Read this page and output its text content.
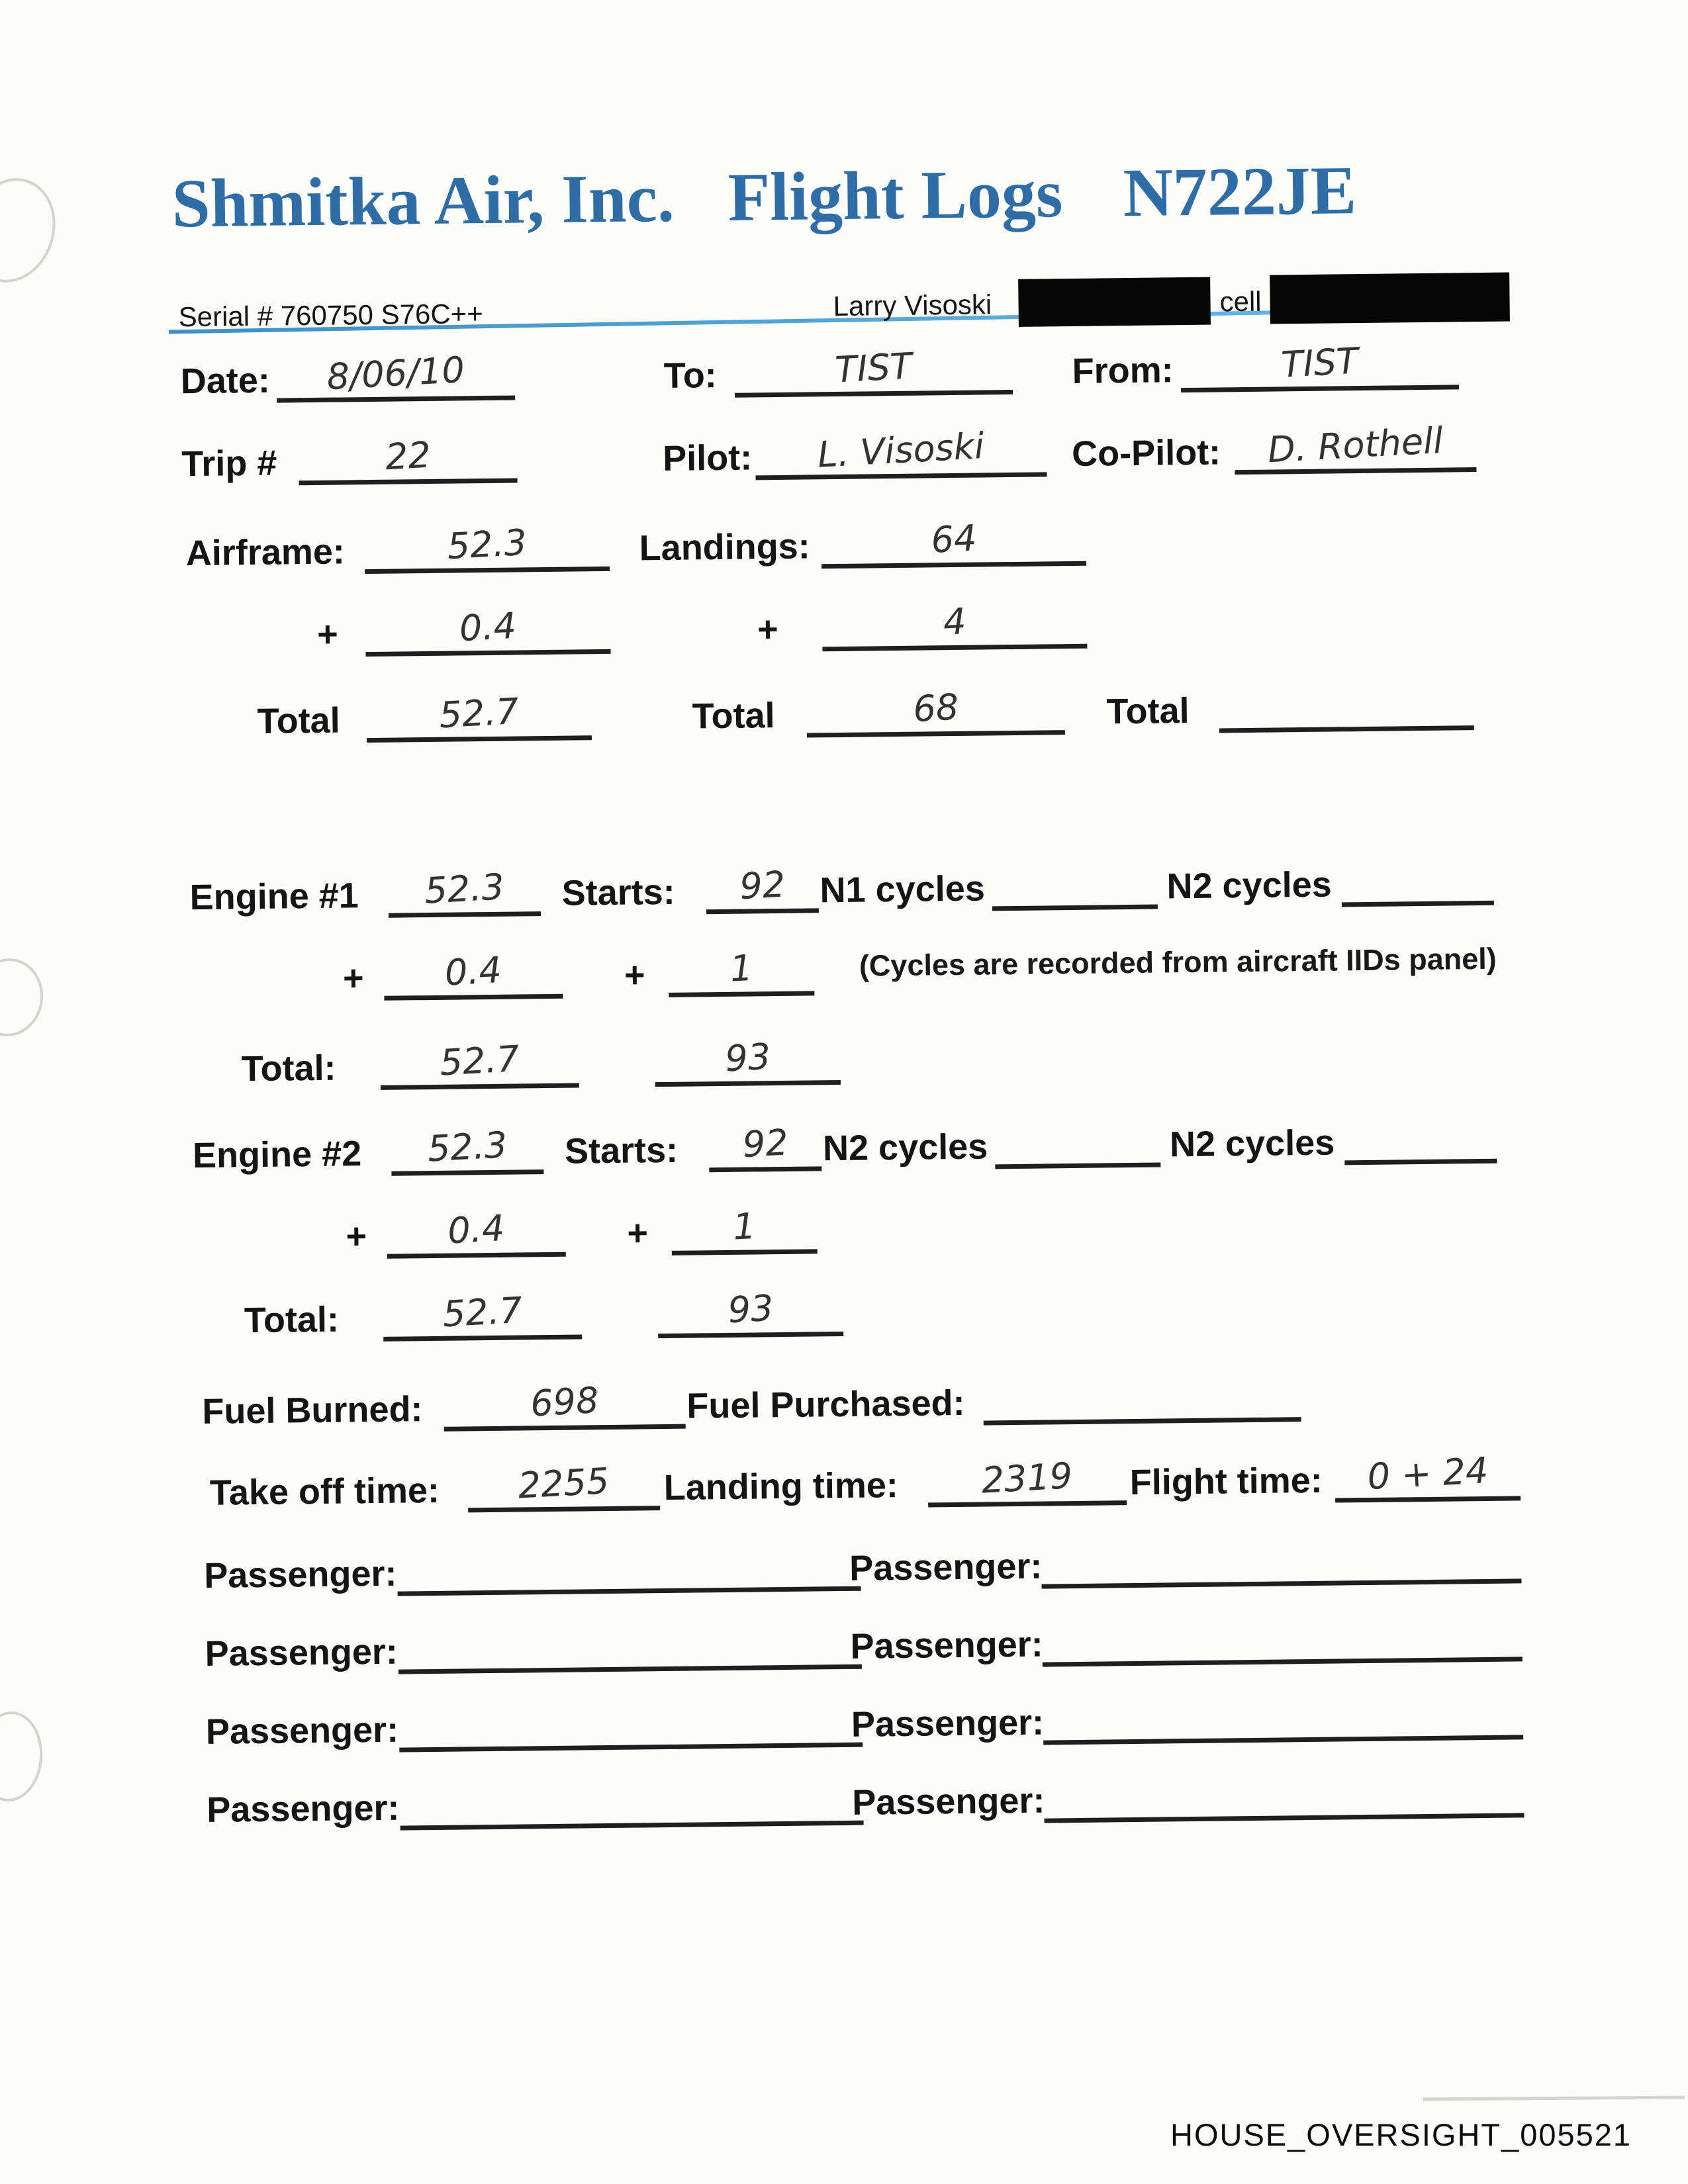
Shmitka Air, Inc. Flight Logs N722JE
Serial # 760750 S76C++	Larry Visoski	cell
Date: 8/06/10	To:	TIST	From:	TIST
Trip #	22	Pilot: L. Visoski Co-Pilot: D. Rothell
Airframe:	52.3	Landings:	64
+	0.4	+	4
Total	52.7	Total	68	Total
Engine #1 52.3 Starts: 92 N1 cycles	N2 cycles
+ 0.4	+ 1	(Cycles are recorded from aircraft IIDs panel)
Total:	52.7	93
Engine #2 52.3 Starts: 92 N2 cycles	N2 cycles
+ 0.4	+ 1
Total:	52.7	93
Fuel Burned:	698 Fuel Purchased:
Take off time: 2255 Landing time: 2319 Flight time: 0 + 24
Passenger:	Passenger:
Passenger:	Passenger:
Passenger:	Passenger:
Passenger:	Passenger:
HOUSE_OVERSIGHT_005521
